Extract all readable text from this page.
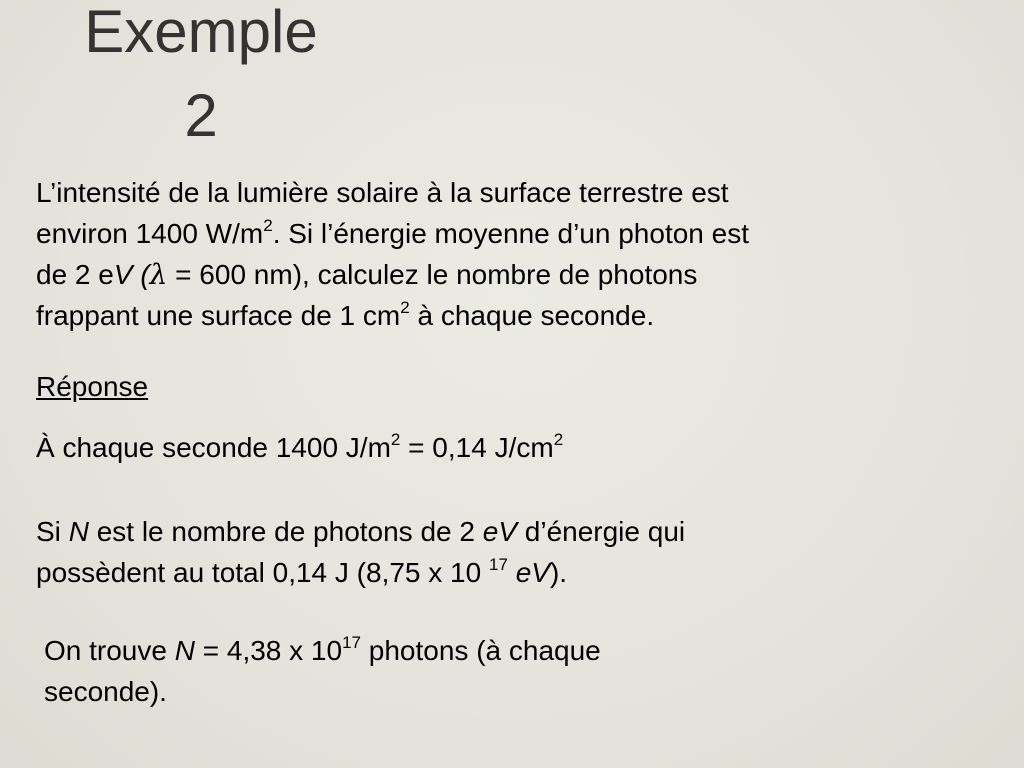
Exemple
2

L’intensité de la lumière solaire à la surface terrestre est
environ 1400 $W/m^2$. Si l’énergie moyenne d’un photon est
de 2 eV (λ = 600 nm), calculez le nombre de photons
frappant une surface de 1 $cm^2$ à chaque seconde.

Réponse

À chaque seconde 1400 $J/m^2 = 0,14$ $J/cm^2$

Si N est le nombre de photons de 2 eV d’énergie qui
possèdent au total 0,14 J (8,75 x 10 $^{17}$ eV).

On trouve N = 4,38 x $10^{17}$ photons (à chaque
seconde).
